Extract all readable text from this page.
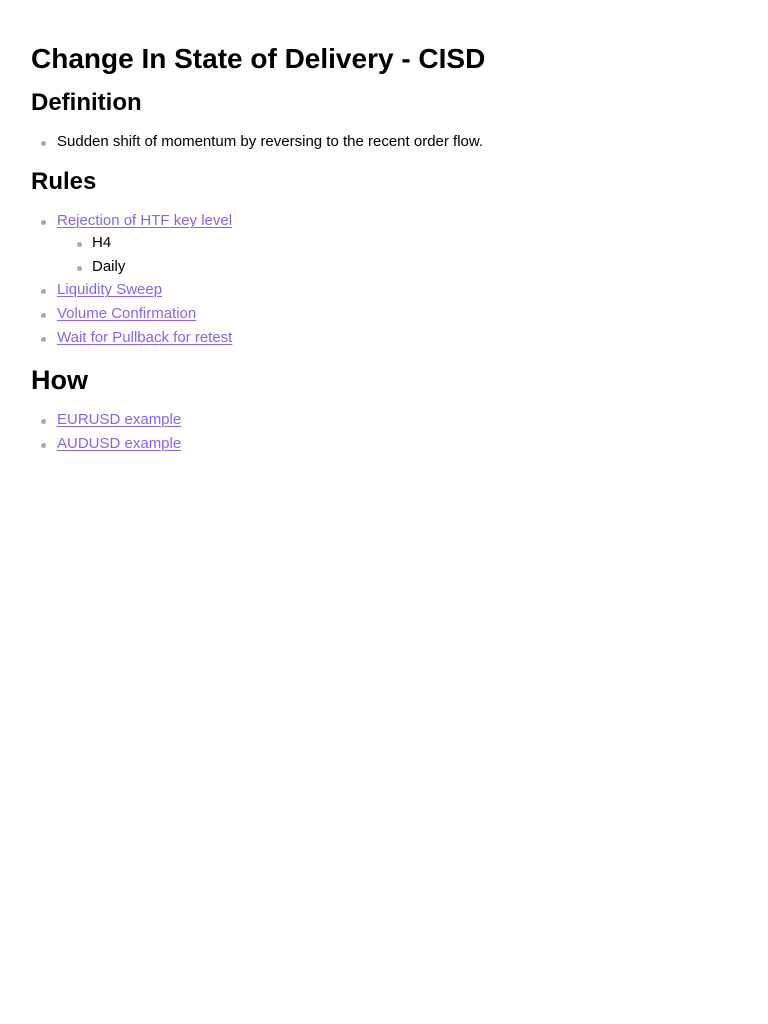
Change In State of Delivery - CISD
Definition
Sudden shift of momentum by reversing to the recent order flow.
Rules
Rejection of HTF key level
H4
Daily
Liquidity Sweep
Volume Confirmation
Wait for Pullback for retest
How
EURUSD example
AUDUSD example
